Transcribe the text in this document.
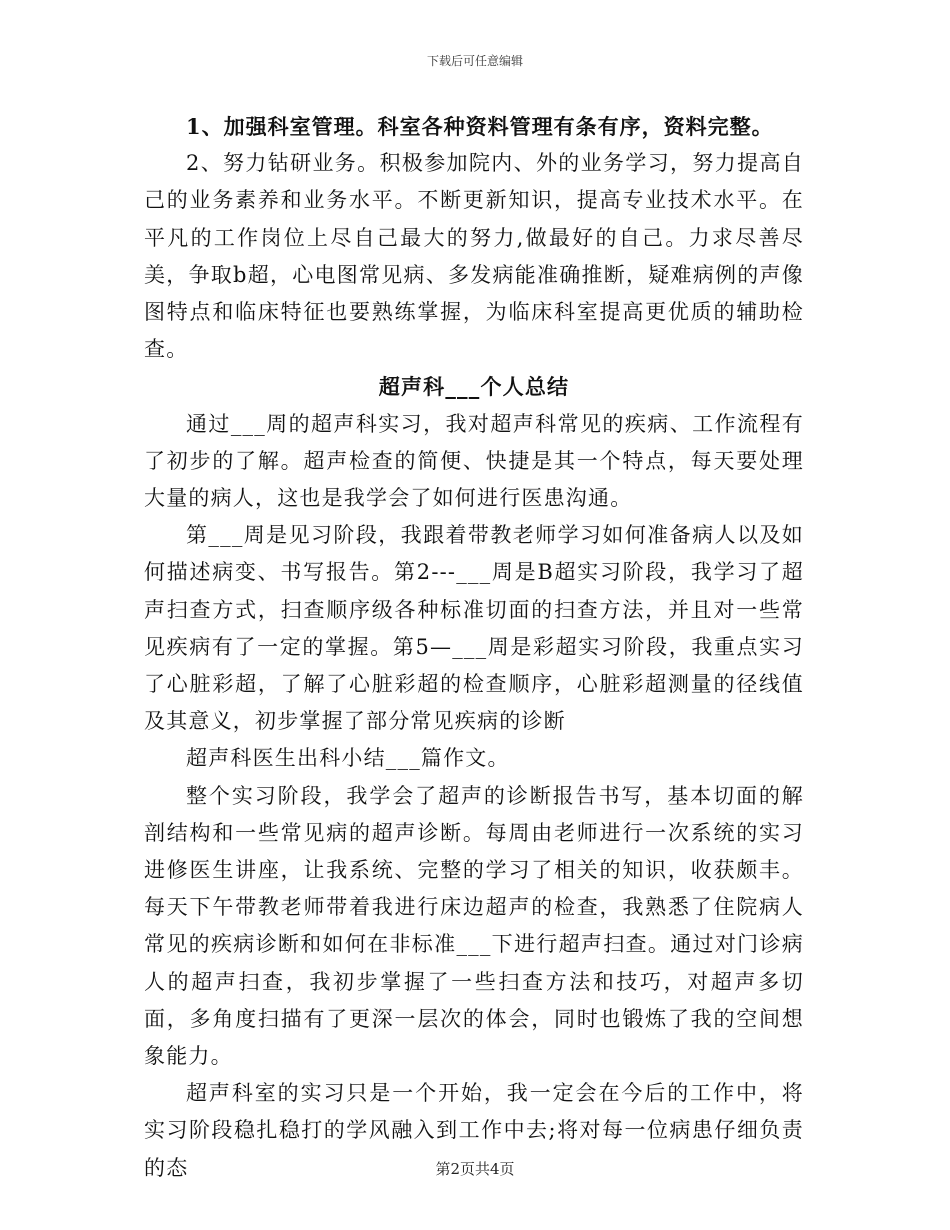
下载后可任意编辑

1、加强科室管理。科室各种资料管理有条有序，资料完整。

2、努力钻研业务。积极参加院内、外的业务学习，努力提高自己的业务素养和业务水平。不断更新知识，提高专业技术水平。在平凡的工作岗位上尽自己最大的努力,做最好的自己。力求尽善尽美，争取b超，心电图常见病、多发病能准确推断，疑难病例的声像图特点和临床特征也要熟练掌握，为临床科室提高更优质的辅助检查。

超声科___个人总结

通过___周的超声科实习，我对超声科常见的疾病、工作流程有了初步的了解。超声检查的简便、快捷是其一个特点，每天要处理大量的病人，这也是我学会了如何进行医患沟通。

第___周是见习阶段，我跟着带教老师学习如何准备病人以及如何描述病变、书写报告。第2---___周是B超实习阶段，我学习了超声扫查方式，扫查顺序级各种标准切面的扫查方法，并且对一些常见疾病有了一定的掌握。第5—___周是彩超实习阶段，我重点实习了心脏彩超，了解了心脏彩超的检查顺序，心脏彩超测量的径线值及其意义，初步掌握了部分常见疾病的诊断

超声科医生出科小结___篇作文。

整个实习阶段，我学会了超声的诊断报告书写，基本切面的解剖结构和一些常见病的超声诊断。每周由老师进行一次系统的实习进修医生讲座，让我系统、完整的学习了相关的知识，收获颇丰。每天下午带教老师带着我进行床边超声的检查，我熟悉了住院病人常见的疾病诊断和如何在非标准___下进行超声扫查。通过对门诊病人的超声扫查，我初步掌握了一些扫查方法和技巧，对超声多切面，多角度扫描有了更深一层次的体会，同时也锻炼了我的空间想象能力。

超声科室的实习只是一个开始，我一定会在今后的工作中，将实习阶段稳扎稳打的学风融入到工作中去;将对每一位病患仔细负责的态	第2页共4页
